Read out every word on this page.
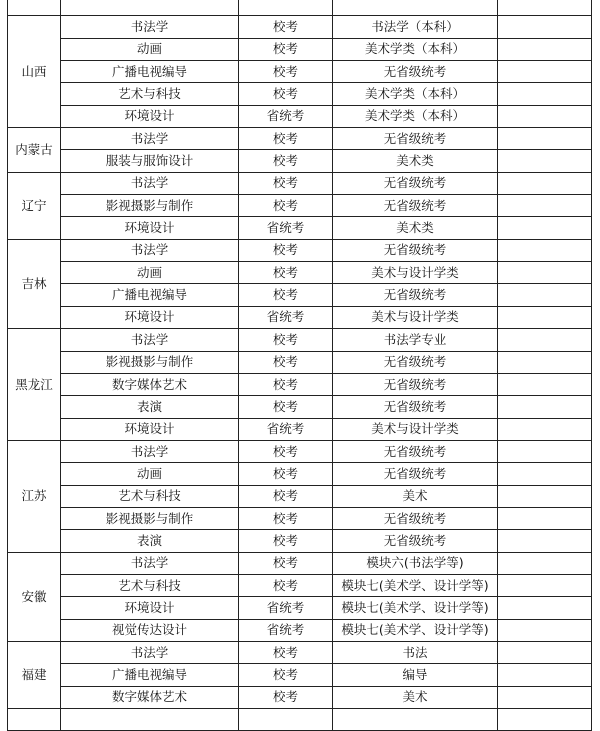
山西	书法学	校考	书法学（本科）	
	动画	校考	美术学类（本科）	
	广播电视编导	校考	无省级统考	
	艺术与科技	校考	美术学类（本科）	
	环境设计	省统考	美术学类（本科）	
内蒙古	书法学	校考	无省级统考	
	服装与服饰设计	校考	美术类	
辽宁	书法学	校考	无省级统考	
	影视摄影与制作	校考	无省级统考	
	环境设计	省统考	美术类	
吉林	书法学	校考	无省级统考	
	动画	校考	美术与设计学类	
	广播电视编导	校考	无省级统考	
	环境设计	省统考	美术与设计学类	
黑龙江	书法学	校考	书法学专业	
	影视摄影与制作	校考	无省级统考	
	数字媒体艺术	校考	无省级统考	
	表演	校考	无省级统考	
	环境设计	省统考	美术与设计学类	
江苏	书法学	校考	无省级统考	
	动画	校考	无省级统考	
	艺术与科技	校考	美术	
	影视摄影与制作	校考	无省级统考	
	表演	校考	无省级统考	
安徽	书法学	校考	模块六(书法学等)	
	艺术与科技	校考	模块七(美术学、设计学等)	
	环境设计	省统考	模块七(美术学、设计学等)	
	视觉传达设计	省统考	模块七(美术学、设计学等)	
福建	书法学	校考	书法	
	广播电视编导	校考	编导	
	数字媒体艺术	校考	美术	
